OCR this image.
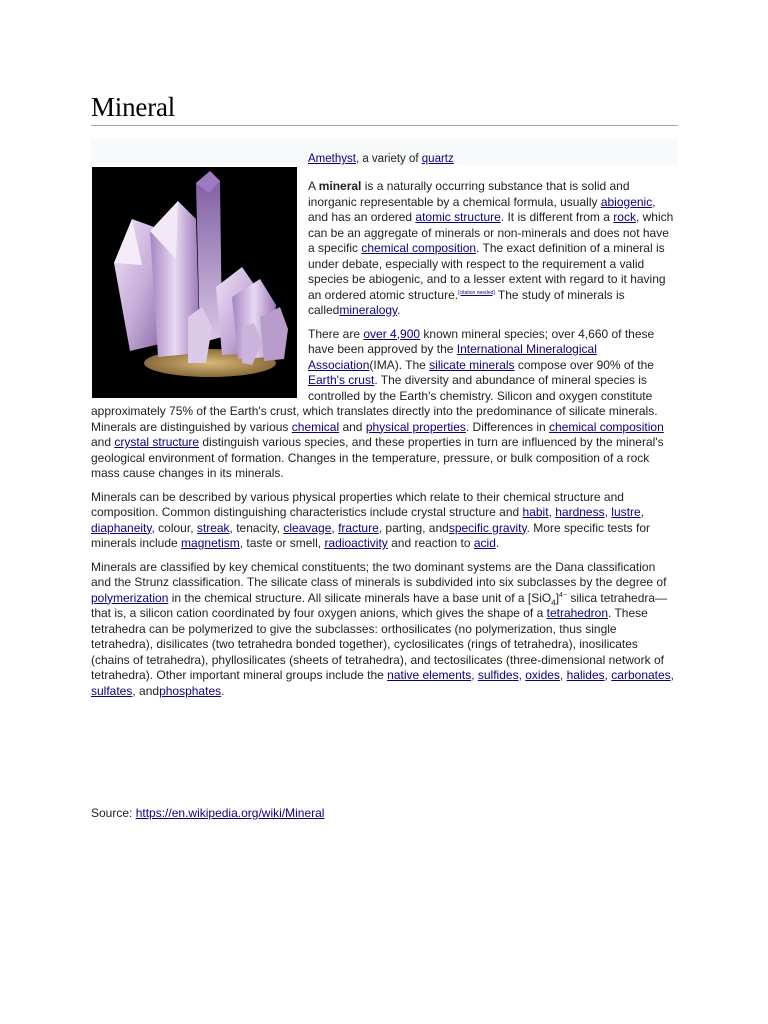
Mineral
Amethyst, a variety of quartz

A mineral is a naturally occurring substance that is solid and inorganic representable by a chemical formula, usually abiogenic, and has an ordered atomic structure. It is different from a rock, which can be an aggregate of minerals or non-minerals and does not have a specific chemical composition. The exact definition of a mineral is under debate, especially with respect to the requirement a valid species be abiogenic, and to a lesser extent with regard to it having an ordered atomic structure.[citation needed] The study of minerals is calledmineralogy.

There are over 4,900 known mineral species; over 4,660 of these have been approved by the International Mineralogical Association(IMA). The silicate minerals compose over 90% of the Earth's crust. The diversity and abundance of mineral species is controlled by the Earth's chemistry. Silicon and oxygen constitute approximately 75% of the Earth's crust, which translates directly into the predominance of silicate minerals. Minerals are distinguished by various chemical and physical properties. Differences in chemical composition and crystal structure distinguish various species, and these properties in turn are influenced by the mineral's geological environment of formation. Changes in the temperature, pressure, or bulk composition of a rock mass cause changes in its minerals.

Minerals can be described by various physical properties which relate to their chemical structure and composition. Common distinguishing characteristics include crystal structure and habit, hardness, lustre, diaphaneity, colour, streak, tenacity, cleavage, fracture, parting, andspecific gravity. More specific tests for minerals include magnetism, taste or smell, radioactivity and reaction to acid.

Minerals are classified by key chemical constituents; the two dominant systems are the Dana classification and the Strunz classification. The silicate class of minerals is subdivided into six subclasses by the degree of polymerization in the chemical structure. All silicate minerals have a base unit of a $[SiO_4]^{4-}$ silica tetrahedra—that is, a silicon cation coordinated by four oxygen anions, which gives the shape of a tetrahedron. These tetrahedra can be polymerized to give the subclasses: orthosilicates (no polymerization, thus single tetrahedra), disilicates (two tetrahedra bonded together), cyclosilicates (rings of tetrahedra), inosilicates (chains of tetrahedra), phyllosilicates (sheets of tetrahedra), and tectosilicates (three-dimensional network of tetrahedra). Other important mineral groups include the native elements, sulfides, oxides, halides, carbonates, sulfates, andphosphates.

Source: https://en.wikipedia.org/wiki/Mineral
